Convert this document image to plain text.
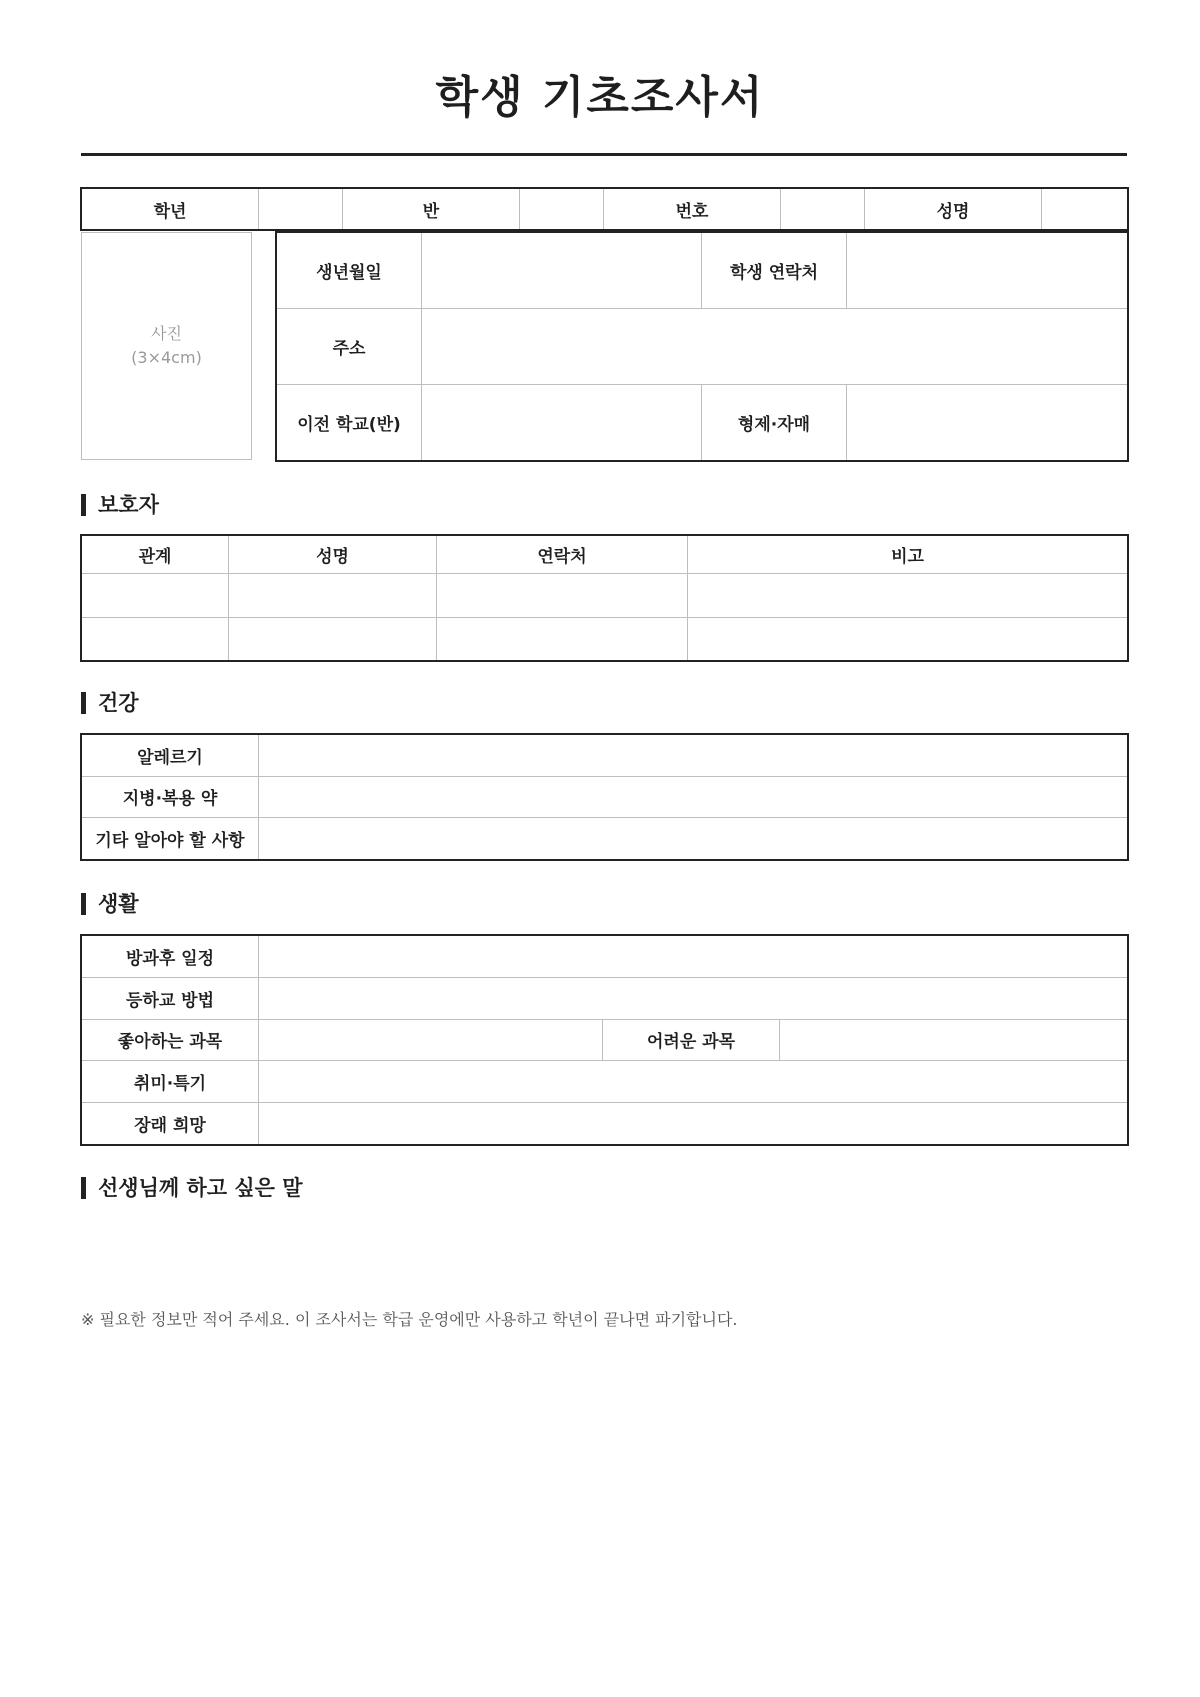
학생 기초조사서
학년		반		번호		성명	
사진
(3×4cm)
생년월일		학생 연락처	
주소			
이전 학교(반)		형제·자매	
보호자
관계	성명	연락처	비고

건강
알레르기	
지병·복용 약	
기타 알아야 할 사항	
생활
방과후 일정			
등하교 방법			
좋아하는 과목		어려운 과목	
취미·특기			
장래 희망			
선생님께 하고 싶은 말
※ 필요한 정보만 적어 주세요. 이 조사서는 학급 운영에만 사용하고 학년이 끝나면 파기합니다.
